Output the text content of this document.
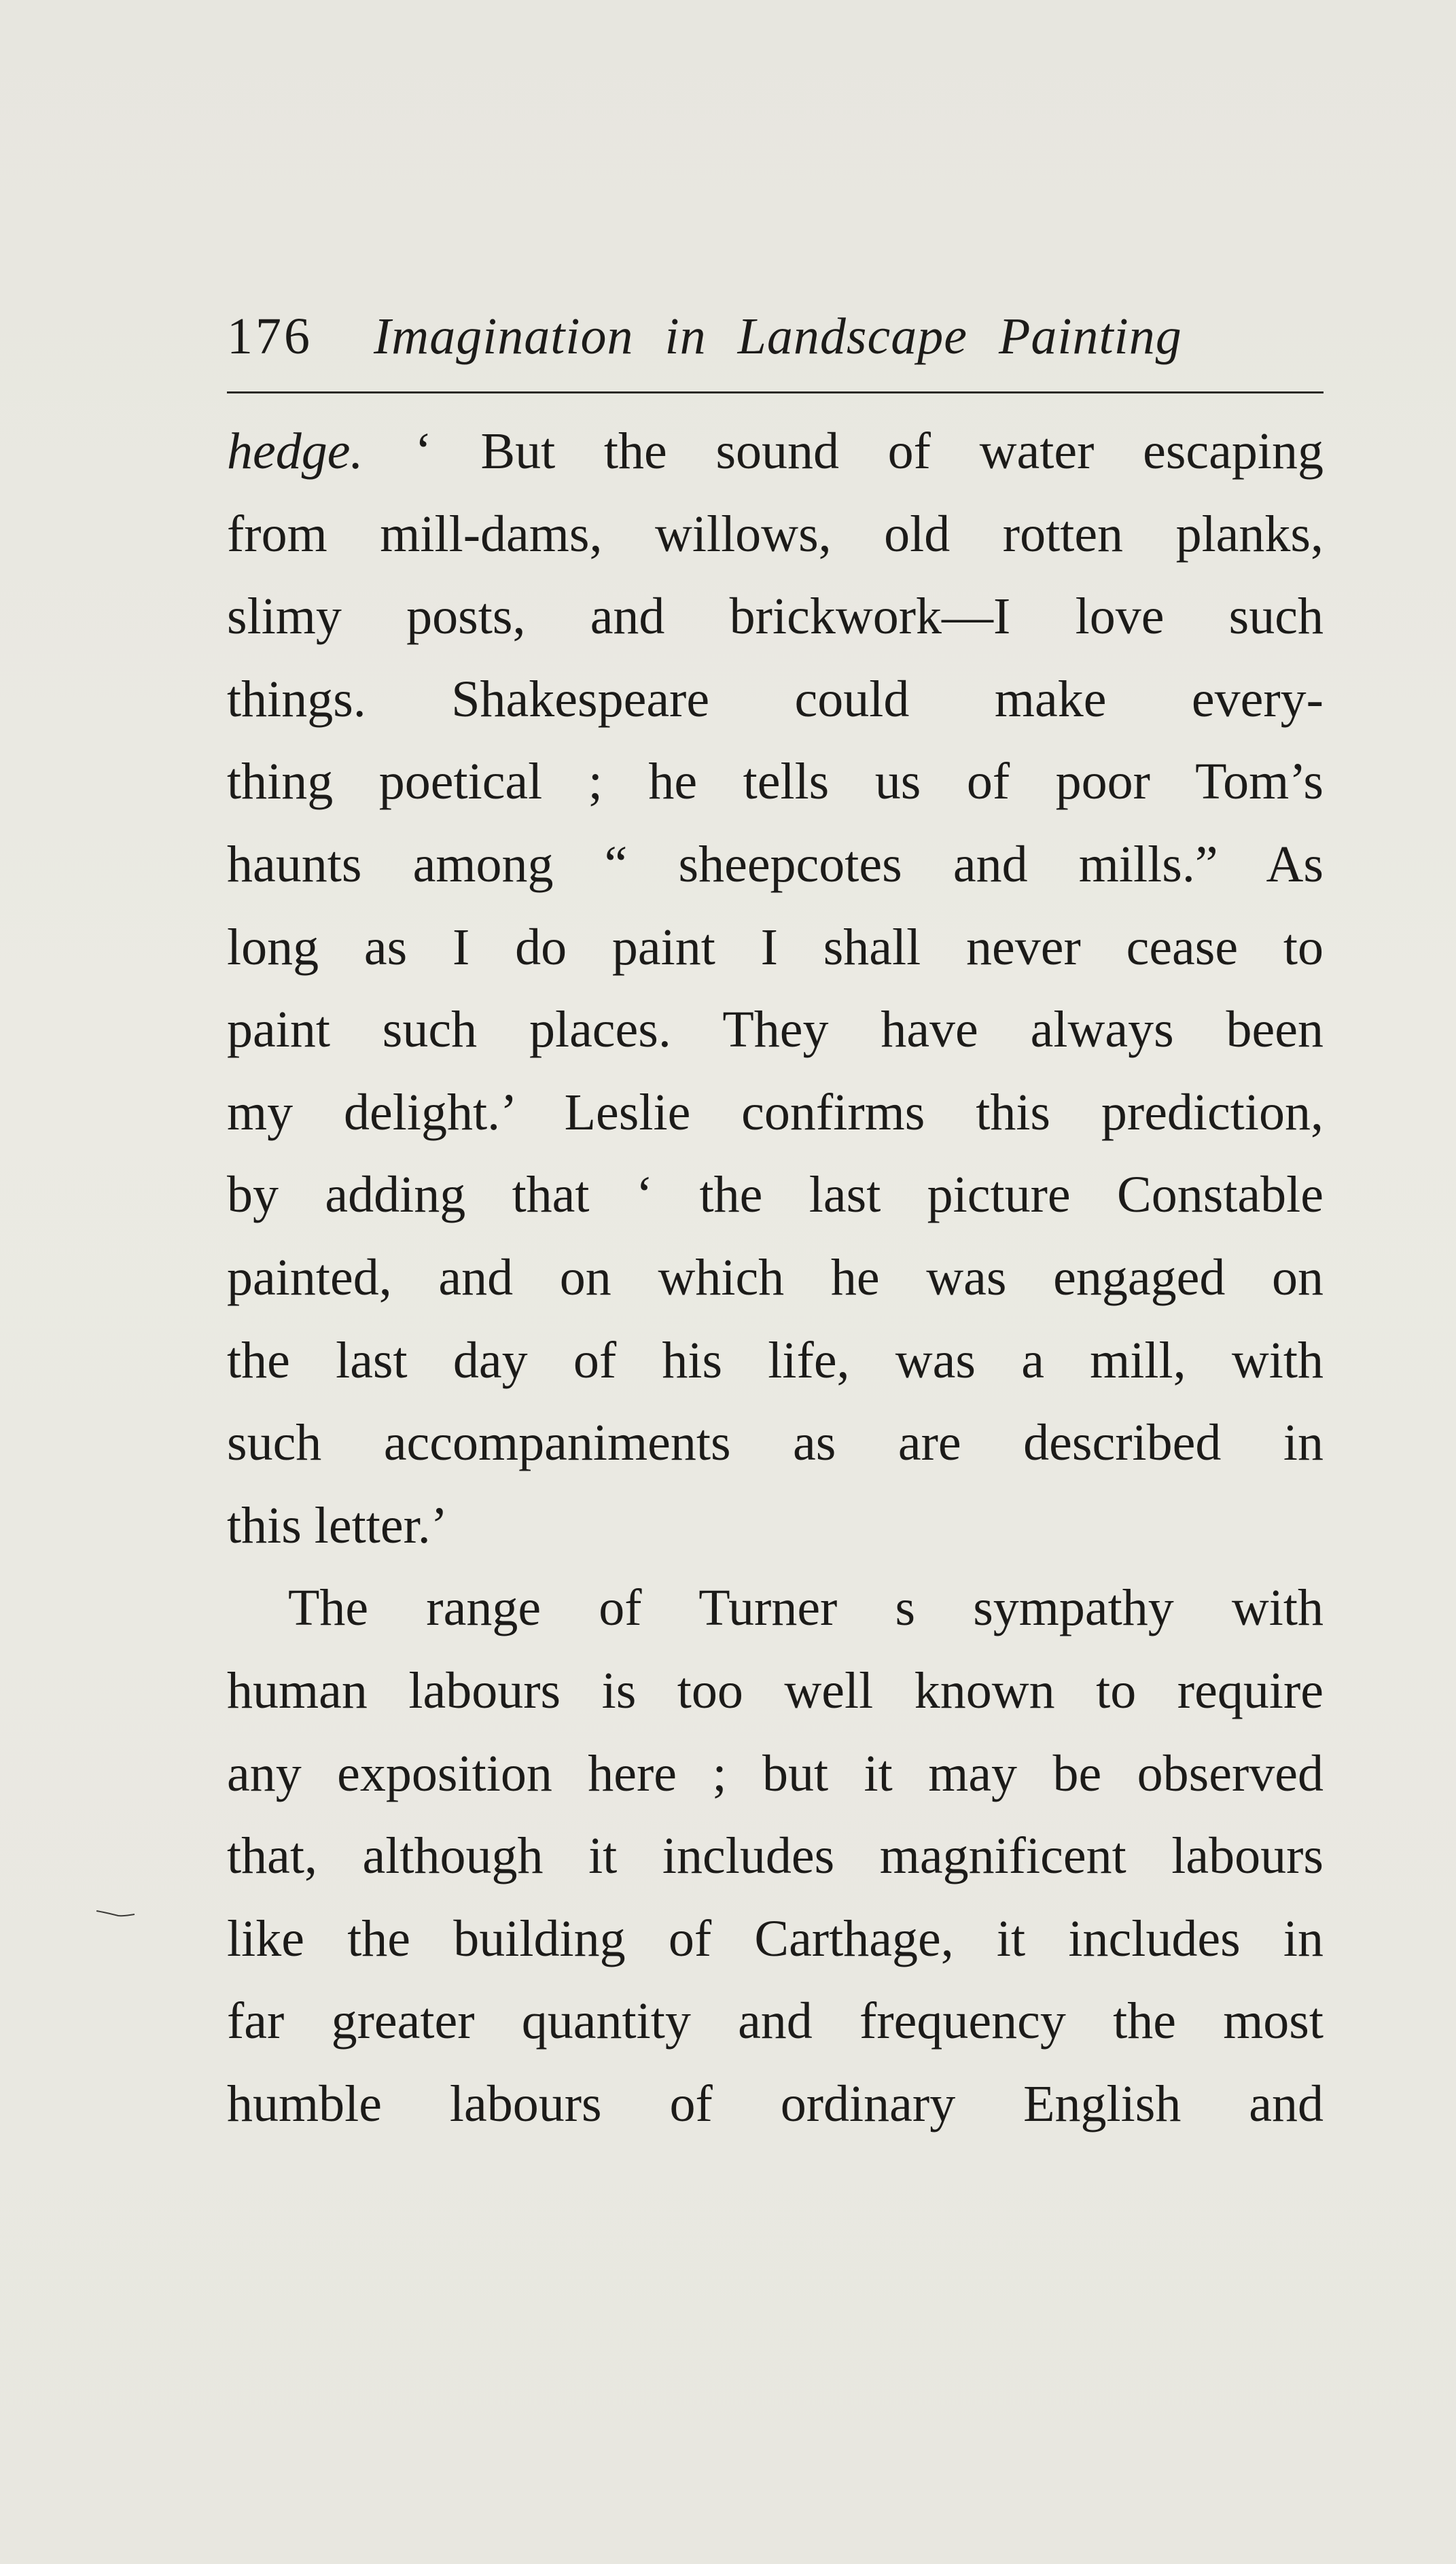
176 Imagination in Landscape Painting
hedge.  ‘ But the sound of water escaping
from mill-dams, willows, old rotten planks,
slimy posts, and brickwork—I love such
things. Shakespeare could make every-
thing poetical ; he tells us of poor Tom’s
haunts among “ sheepcotes and mills.” As
long as I do paint I shall never cease to
paint such places. They have always been
my delight.’ Leslie confirms this prediction,
by adding that ‘ the last picture Constable
painted, and on which he was engaged on
the last day of his life, was a mill, with
such accompaniments as are described in
this letter.’
The range of Turner s sympathy with
human labours is too well known to require
any exposition here ; but it may be observed
that, although it includes magnificent labours
like the building of Carthage, it includes in
far greater quantity and frequency the most
humble labours of ordinary English and
